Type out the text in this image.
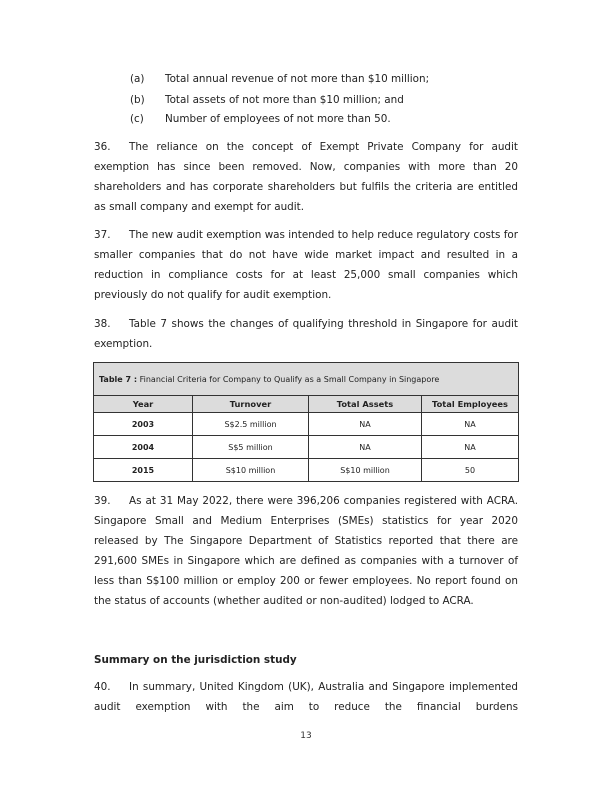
(a) Total annual revenue of not more than $10 million;
(b) Total assets of not more than $10 million; and
(c) Number of employees of not more than 50.
36. The reliance on the concept of Exempt Private Company for audit exemption has since been removed. Now, companies with more than 20 shareholders and has corporate shareholders but fulfils the criteria are entitled as small company and exempt for audit.
37. The new audit exemption was intended to help reduce regulatory costs for smaller companies that do not have wide market impact and resulted in a reduction in compliance costs for at least 25,000 small companies which previously do not qualify for audit exemption.
38. Table 7 shows the changes of qualifying threshold in Singapore for audit exemption.
Table 7 : Financial Criteria for Company to Qualify as a Small Company in Singapore			
Year	Turnover	Total Assets	Total Employees
2003	S$2.5 million	NA	NA
2004	S$5 million	NA	NA
2015	S$10 million	S$10 million	50
39. As at 31 May 2022, there were 396,206 companies registered with ACRA. Singapore Small and Medium Enterprises (SMEs) statistics for year 2020 released by The Singapore Department of Statistics reported that there are 291,600 SMEs in Singapore which are defined as companies with a turnover of less than S$100 million or employ 200 or fewer employees. No report found on the status of accounts (whether audited or non-audited) lodged to ACRA.
Summary on the jurisdiction study
40. In summary, United Kingdom (UK), Australia and Singapore implemented audit exemption with the aim to reduce the financial burdens
13
